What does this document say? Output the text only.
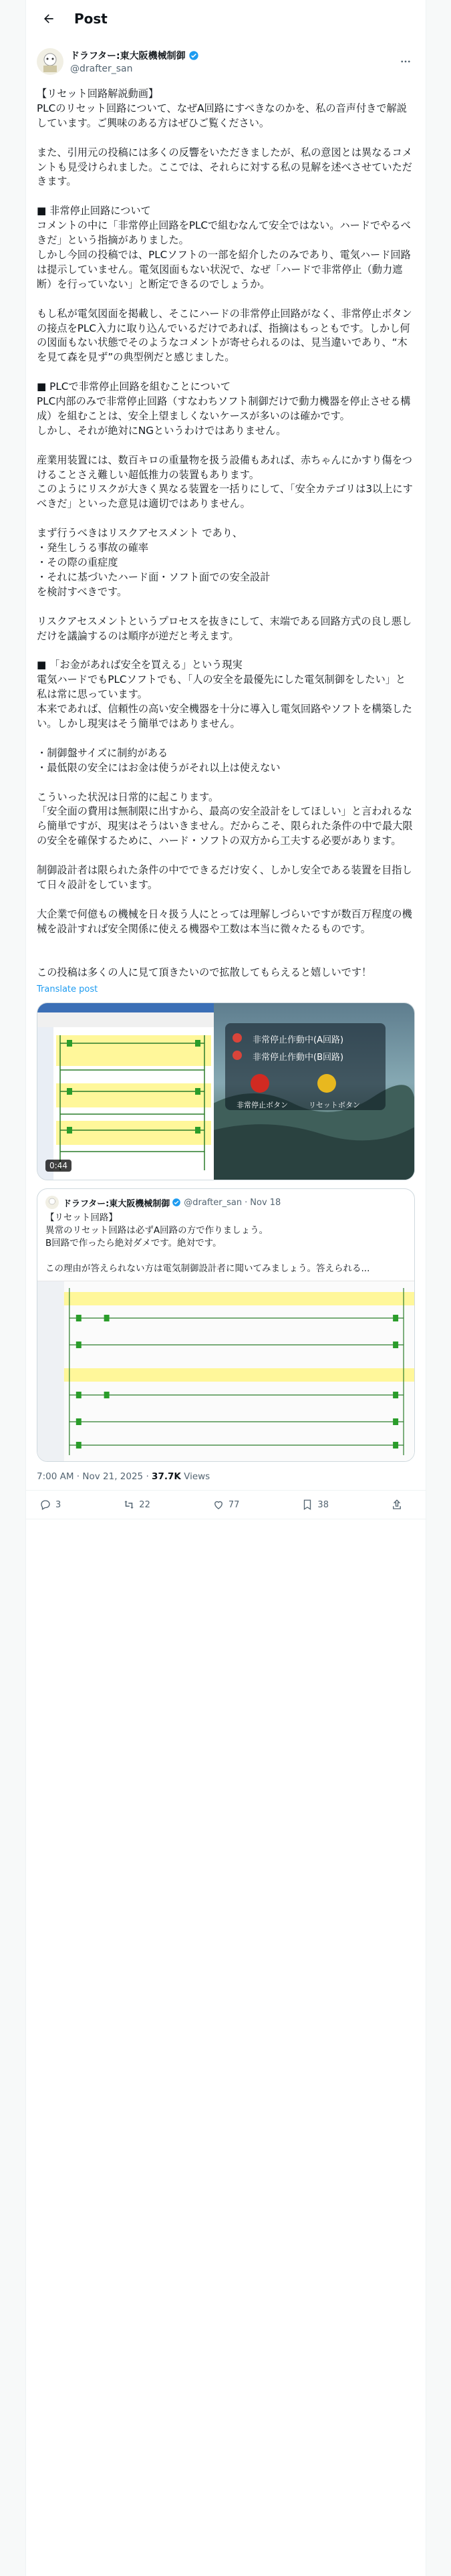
Post
ドラフター:東大阪機械制御
@drafter_san
【リセット回路解説動画】
PLCのリセット回路について、なぜA回路にすべきなのかを、私の音声付きで解説しています。ご興味のある方はぜひご覧ください。

また、引用元の投稿には多くの反響をいただきましたが、私の意図とは異なるコメントも見受けられました。ここでは、それらに対する私の見解を述べさせていただきます。

■ 非常停止回路について
コメントの中に「非常停止回路をPLCで組むなんて安全ではない。ハードでやるべきだ」という指摘がありました。
しかし今回の投稿では、PLCソフトの一部を紹介したのみであり、電気ハード回路は提示していません。電気図面もない状況で、なぜ「ハードで非常停止（動力遮断）を行っていない」と断定できるのでしょうか。

もし私が電気図面を掲載し、そこにハードの非常停止回路がなく、非常停止ボタンの接点をPLC入力に取り込んでいるだけであれば、指摘はもっともです。しかし何の図面もない状態でそのようなコメントが寄せられるのは、見当違いであり、“木を見て森を見ず”の典型例だと感じました。

■ PLCで非常停止回路を組むことについて
PLC内部のみで非常停止回路（すなわちソフト制御だけで動力機器を停止させる構成）を組むことは、安全上望ましくないケースが多いのは確かです。
しかし、それが絶対にNGというわけではありません。

産業用装置には、数百キロの重量物を扱う設備もあれば、赤ちゃんにかすり傷をつけることさえ難しい超低推力の装置もあります。
このようにリスクが大きく異なる装置を一括りにして、「安全カテゴリは3以上にすべきだ」といった意見は適切ではありません。

まず行うべきはリスクアセスメント であり、
・発生しうる事故の確率
・その際の重症度
・それに基づいたハード面・ソフト面での安全設計
を検討すべきです。

リスクアセスメントというプロセスを抜きにして、末端である回路方式の良し悪しだけを議論するのは順序が逆だと考えます。

■ 「お金があれば安全を買える」という現実
電気ハードでもPLCソフトでも、「人の安全を最優先にした電気制御をしたい」と私は常に思っています。
本来であれば、信頼性の高い安全機器を十分に導入し電気回路やソフトを構築したい。しかし現実はそう簡単ではありません。

・制御盤サイズに制約がある
・最低限の安全にはお金は使うがそれ以上は使えない

こういった状況は日常的に起こります。
「安全面の費用は無制限に出すから、最高の安全設計をしてほしい」と言われるなら簡単ですが、現実はそうはいきません。だからこそ、限られた条件の中で最大限の安全を確保するために、ハード・ソフトの双方から工夫する必要があります。

制御設計者は限られた条件の中でできるだけ安く、しかし安全である装置を目指して日々設計をしています。

大企業で何億もの機械を日々扱う人にとっては理解しづらいですが数百万程度の機械を設計すれば安全関係に使える機器や工数は本当に微々たるものです。

この投稿は多くの人に見て頂きたいので拡散してもらえると嬉しいです！
Translate post
0:44
非常停止作動中(A回路)
非常停止作動中(B回路)
非常停止ボタン	リセットボタン
ドラフター:東大阪機械制御 @drafter_san · Nov 18
【リセット回路】
異常のリセット回路は必ずA回路の方で作りましょう。
B回路で作ったら絶対ダメです。絶対です。

この理由が答えられない方は電気制御設計者に聞いてみましょう。答えられる...
7:00 AM · Nov 21, 2025 · 37.7K Views
3	22	77	38
